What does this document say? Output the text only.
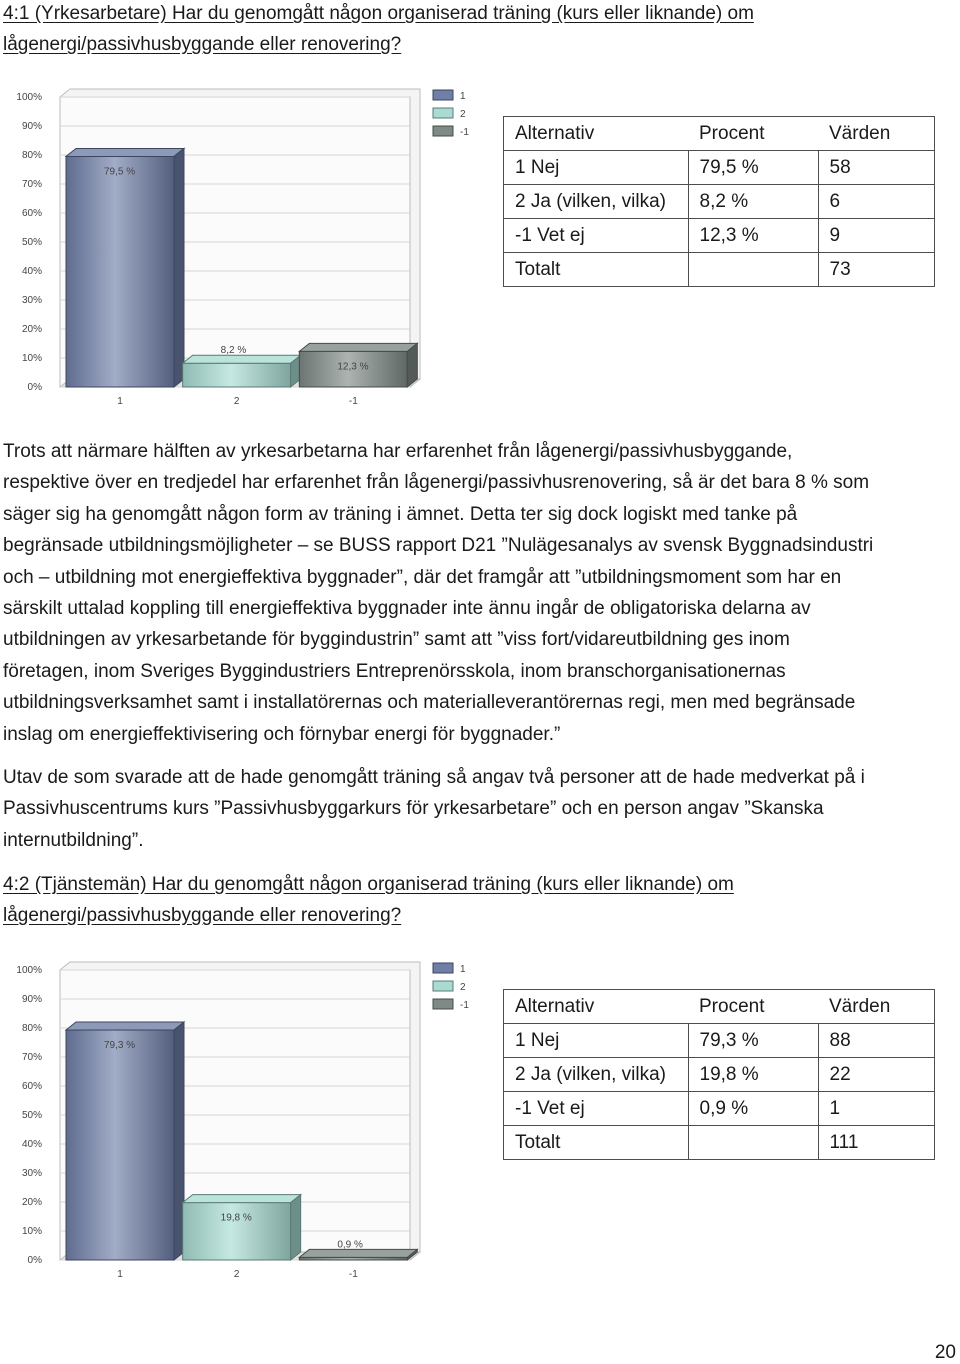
4:1 (Yrkesarbetare) Har du genomgått någon organiserad träning (kurs eller liknande) om
lågenergi/passivhusbyggande eller renovering?
0%
10%
20%
30%
40%
50%
60%
70%
80%
90%
100%
79,5 %
1
8,2 %
2
12,3 %
-1
1
2
-1 Alternativ	Procent	Värden
1 Nej	79,5 %	58
2 Ja (vilken, vilka)	8,2 %	6
-1 Vet ej	12,3 %	9
Totalt		73
Trots att närmare hälften av yrkesarbetarna har erfarenhet från lågenergi/passivhusbyggande,
respektive över en tredjedel har erfarenhet från lågenergi/passivhusrenovering, så är det bara 8 % som
säger sig ha genomgått någon form av träning i ämnet. Detta ter sig dock logiskt med tanke på
begränsade utbildningsmöjligheter – se BUSS rapport D21 ”Nulägesanalys av svensk Byggnadsindustri
och – utbildning mot energieffektiva byggnader”, där det framgår att ”utbildningsmoment som har en
särskilt uttalad koppling till energieffektiva byggnader inte ännu ingår de obligatoriska delarna av
utbildningen av yrkesarbetande för byggindustrin” samt att ”viss fort/vidareutbildning ges inom
företagen, inom Sveriges Byggindustriers Entreprenörsskola, inom branschorganisationernas
utbildningsverksamhet samt i installatörernas och materialleverantörernas regi, men med begränsade
inslag om energieffektivisering och förnybar energi för byggnader.”
Utav de som svarade att de hade genomgått träning så angav två personer att de hade medverkat på i
Passivhuscentrums kurs ”Passivhusbyggarkurs för yrkesarbetare” och en person angav ”Skanska
internutbildning”.
4:2 (Tjänstemän) Har du genomgått någon organiserad träning (kurs eller liknande) om
lågenergi/passivhusbyggande eller renovering?
0%
10%
20%
30%
40%
50%
60%
70%
80%
90%
100%
79,3 %
1
19,8 %
2
0,9 %
-1
1
2
-1 Alternativ	Procent	Värden
1 Nej	79,3 %	88
2 Ja (vilken, vilka)	19,8 %	22
-1 Vet ej	0,9 %	1
Totalt		111
20
